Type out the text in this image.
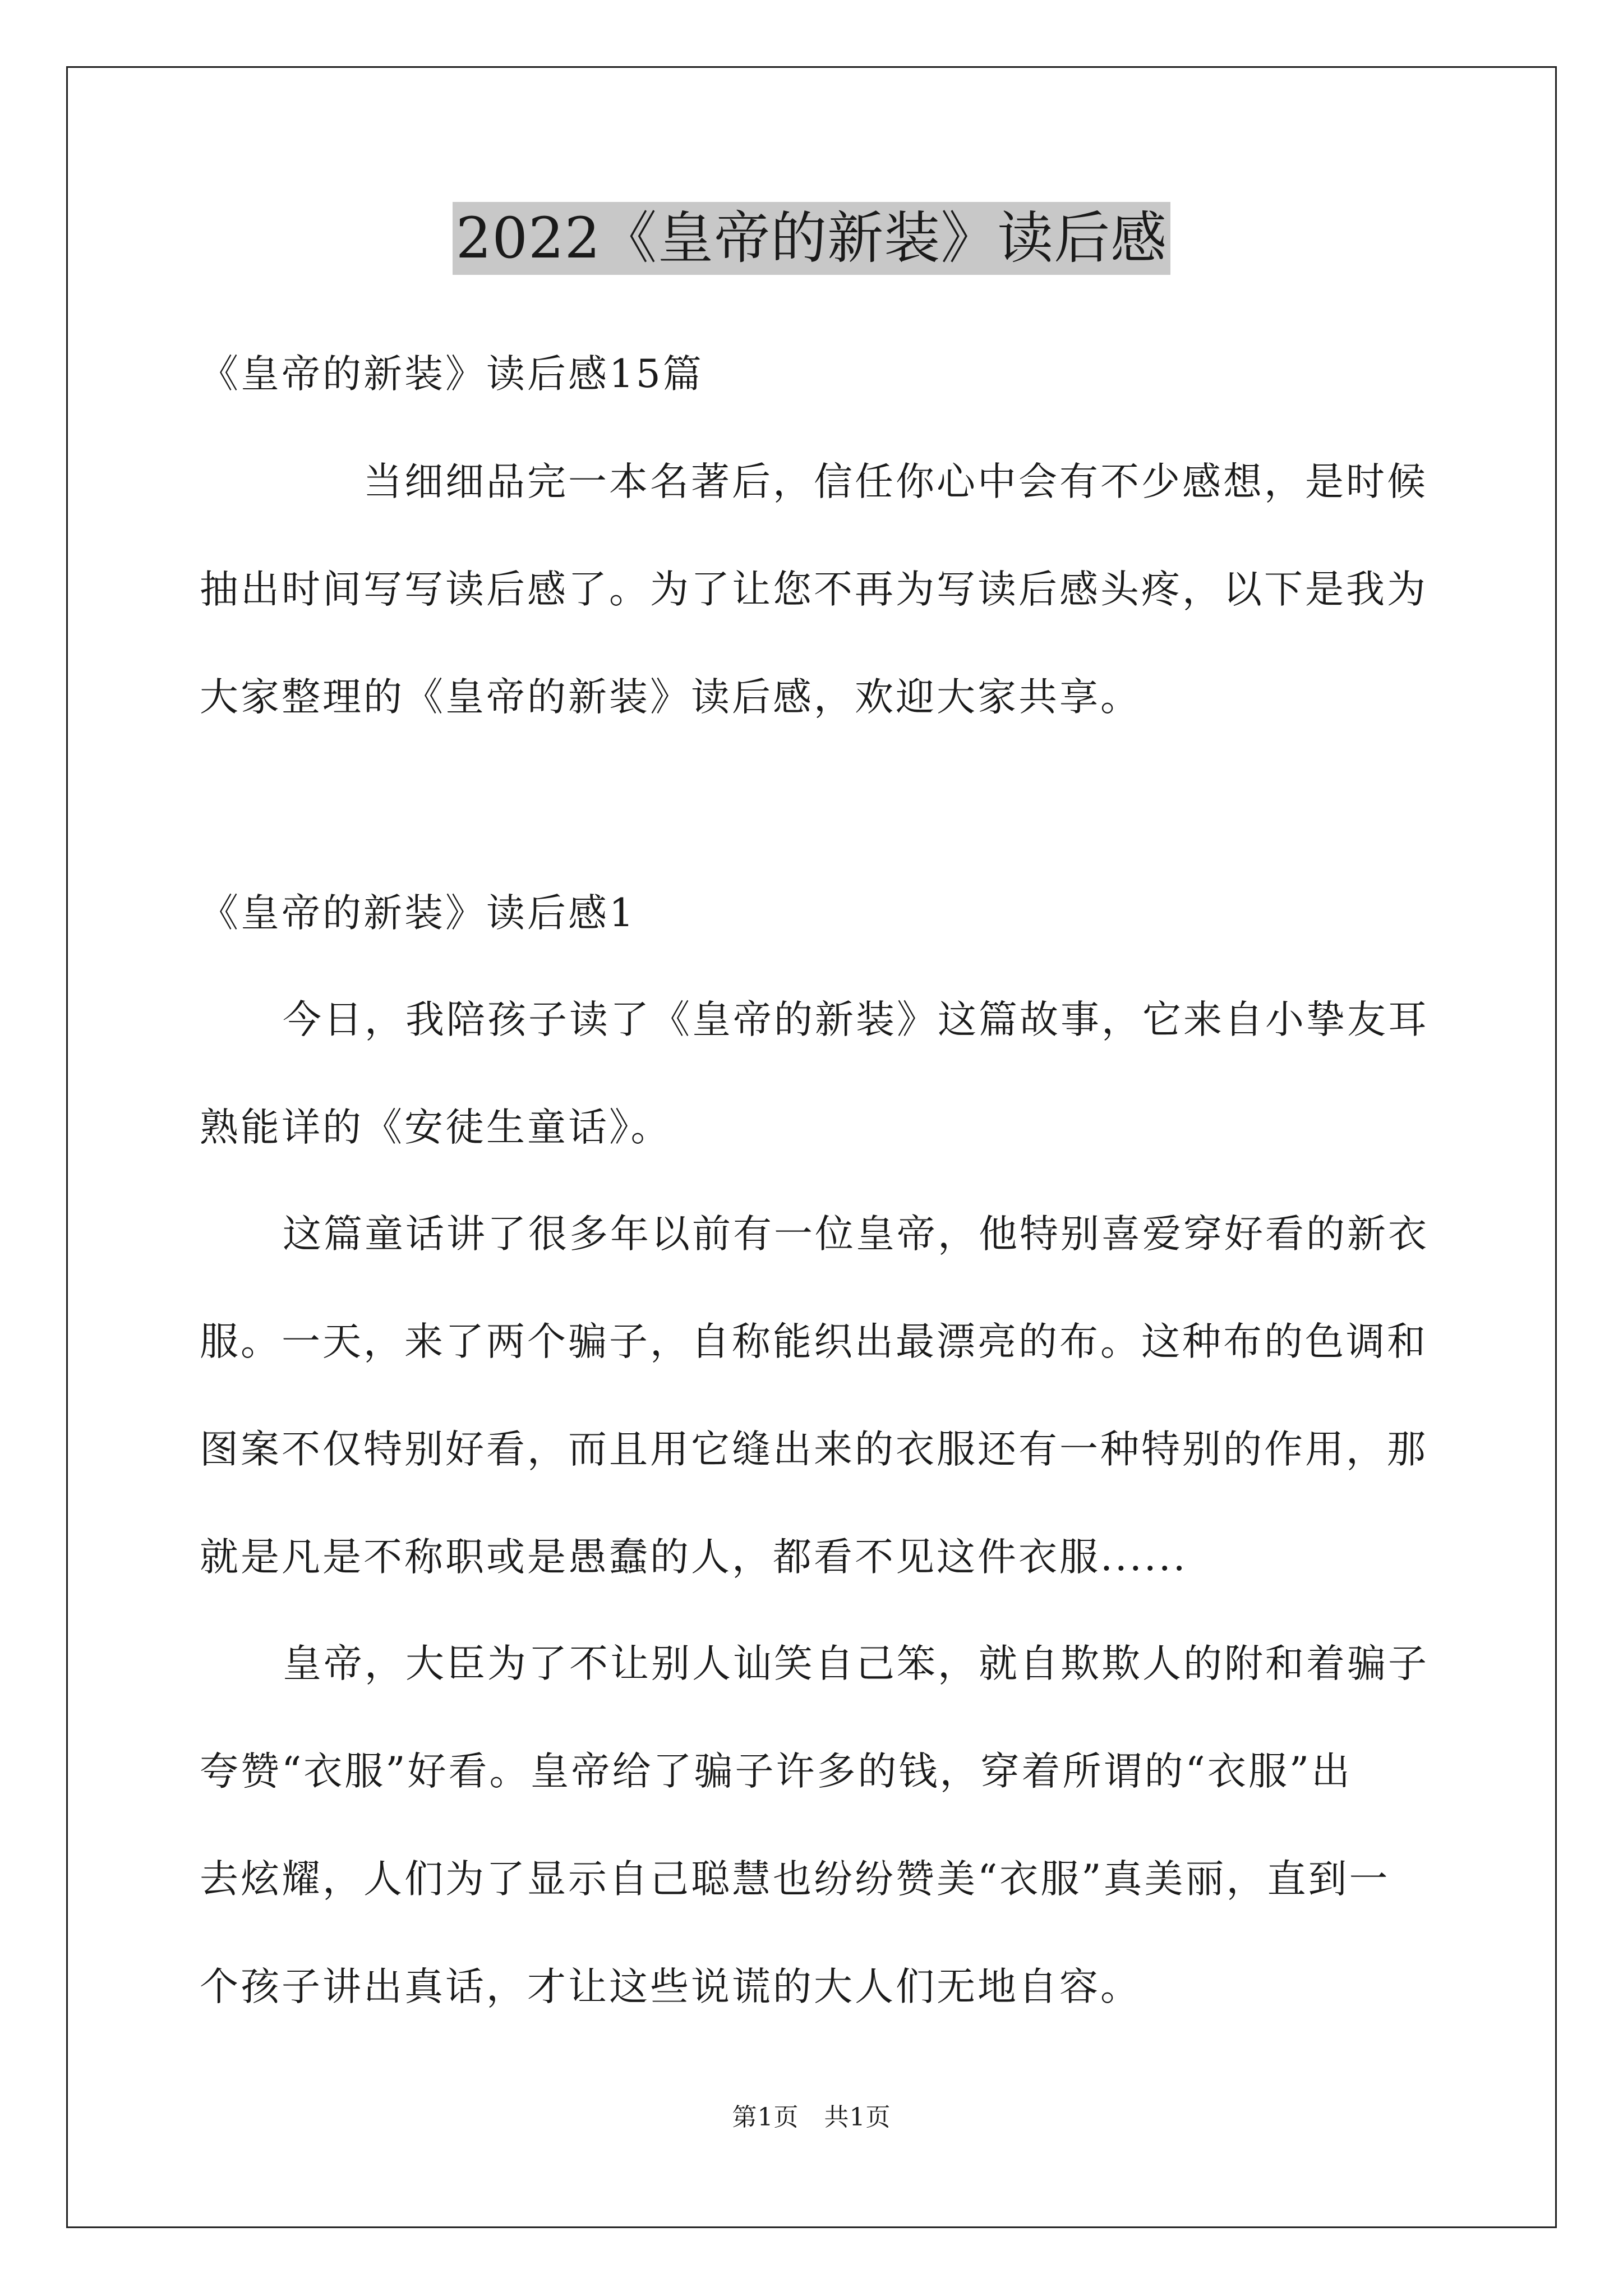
2022《皇帝的新装》读后感
《皇帝的新装》读后感15篇
当细细品完一本名著后，信任你心中会有不少感想，是时候
抽出时间写写读后感了。为了让您不再为写读后感头疼，以下是我为
大家整理的《皇帝的新装》读后感，欢迎大家共享。
《皇帝的新装》读后感1
今日，我陪孩子读了《皇帝的新装》这篇故事，它来自小挚友耳
熟能详的《安徒生童话》。
这篇童话讲了很多年以前有一位皇帝，他特别喜爱穿好看的新衣
服。一天，来了两个骗子，自称能织出最漂亮的布。这种布的色调和
图案不仅特别好看，而且用它缝出来的衣服还有一种特别的作用，那
就是凡是不称职或是愚蠢的人，都看不见这件衣服......
皇帝，大臣为了不让别人讪笑自己笨，就自欺欺人的附和着骗子
夸赞“衣服”好看。皇帝给了骗子许多的钱，穿着所谓的“衣服”出
去炫耀，人们为了显示自己聪慧也纷纷赞美“衣服”真美丽，直到一
个孩子讲出真话，才让这些说谎的大人们无地自容。
第1页　共1页
